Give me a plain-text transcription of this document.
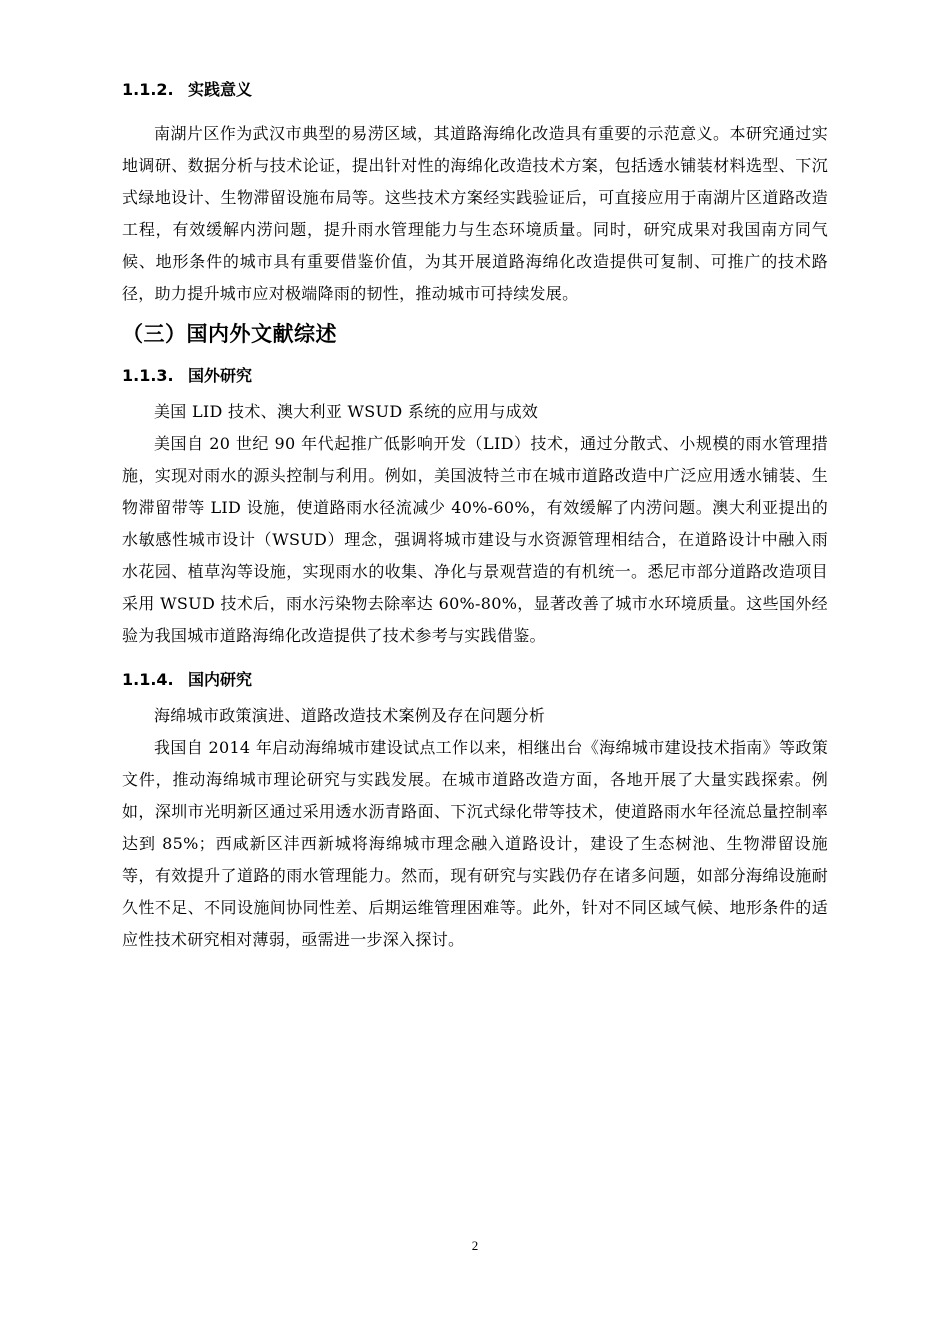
1.1.2. 实践意义

南湖片区作为武汉市典型的易涝区域，其道路海绵化改造具有重要的示范意义。本研究通过实地调研、数据分析与技术论证，提出针对性的海绵化改造技术方案，包括透水铺装材料选型、下沉式绿地设计、生物滞留设施布局等。这些技术方案经实践验证后，可直接应用于南湖片区道路改造工程，有效缓解内涝问题，提升雨水管理能力与生态环境质量。同时，研究成果对我国南方同气候、地形条件的城市具有重要借鉴价值，为其开展道路海绵化改造提供可复制、可推广的技术路径，助力提升城市应对极端降雨的韧性，推动城市可持续发展。

（三）国内外文献综述
1.1.3. 国外研究

美国 LID 技术、澳大利亚 WSUD 系统的应用与成效

美国自 20 世纪 90 年代起推广低影响开发（LID）技术，通过分散式、小规模的雨水管理措施，实现对雨水的源头控制与利用。例如，美国波特兰市在城市道路改造中广泛应用透水铺装、生物滞留带等 LID 设施，使道路雨水径流减少 40%-60%，有效缓解了内涝问题。澳大利亚提出的水敏感性城市设计（WSUD）理念，强调将城市建设与水资源管理相结合，在道路设计中融入雨水花园、植草沟等设施，实现雨水的收集、净化与景观营造的有机统一。悉尼市部分道路改造项目采用 WSUD 技术后，雨水污染物去除率达 60%-80%，显著改善了城市水环境质量。这些国外经验为我国城市道路海绵化改造提供了技术参考与实践借鉴。

1.1.4. 国内研究

海绵城市政策演进、道路改造技术案例及存在问题分析

我国自 2014 年启动海绵城市建设试点工作以来，相继出台《海绵城市建设技术指南》等政策文件，推动海绵城市理论研究与实践发展。在城市道路改造方面，各地开展了大量实践探索。例如，深圳市光明新区通过采用透水沥青路面、下沉式绿化带等技术，使道路雨水年径流总量控制率达到 85%；西咸新区沣西新城将海绵城市理念融入道路设计，建设了生态树池、生物滞留设施等，有效提升了道路的雨水管理能力。然而，现有研究与实践仍存在诸多问题，如部分海绵设施耐久性不足、不同设施间协同性差、后期运维管理困难等。此外，针对不同区域气候、地形条件的适应性技术研究相对薄弱，亟需进一步深入探讨。

2
